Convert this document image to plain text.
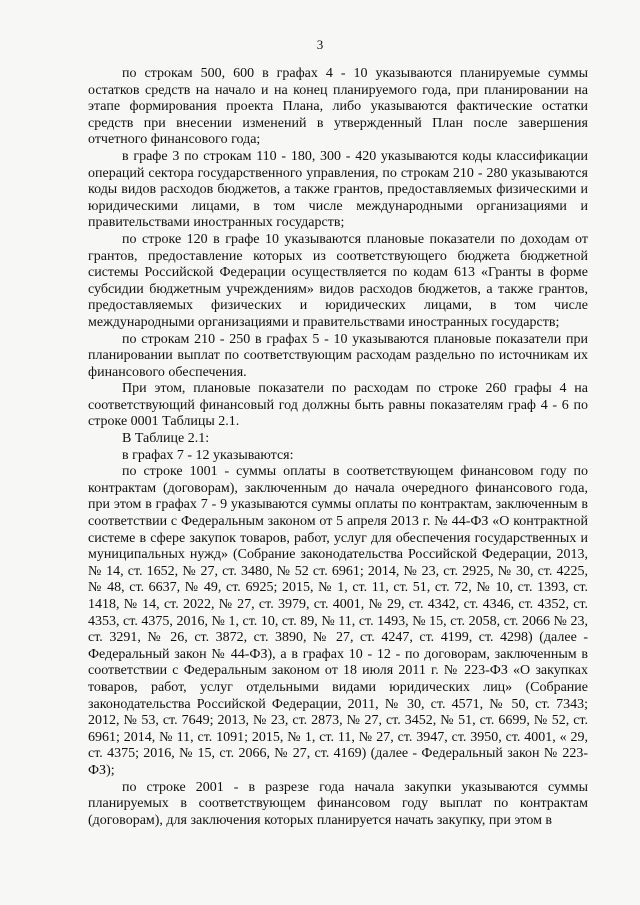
3

по строкам 500, 600 в графах 4 - 10 указываются планируемые суммы остатков средств на начало и на конец планируемого года, при планировании на этапе формирования проекта Плана, либо указываются фактические остатки средств при внесении изменений в утвержденный План после завершения отчетного финансового года;

в графе 3 по строкам 110 - 180, 300 - 420 указываются коды классификации операций сектора государственного управления, по строкам 210 - 280 указываются коды видов расходов бюджетов, а также грантов, предоставляемых физическими и юридическими лицами, в том числе международными организациями и правительствами иностранных государств;

по строке 120 в графе 10 указываются плановые показатели по доходам от грантов, предоставление которых из соответствующего бюджета бюджетной системы Российской Федерации осуществляется по кодам 613 «Гранты в форме субсидии бюджетным учреждениям» видов расходов бюджетов, а также грантов, предоставляемых физических и юридических лицами, в том числе международными организациями и правительствами иностранных государств;

по строкам 210 - 250 в графах 5 - 10 указываются плановые показатели при планировании выплат по соответствующим расходам раздельно по источникам их финансового обеспечения.

При этом, плановые показатели по расходам по строке 260 графы 4 на соответствующий финансовый год должны быть равны показателям граф 4 - 6 по строке 0001 Таблицы 2.1.

В Таблице 2.1:

в графах 7 - 12 указываются:

по строке 1001 - суммы оплаты в соответствующем финансовом году по контрактам (договорам), заключенным до начала очередного финансового года, при этом в графах 7 - 9 указываются суммы оплаты по контрактам, заключенным в соответствии с Федеральным законом от 5 апреля 2013 г. № 44-ФЗ «О контрактной системе в сфере закупок товаров, работ, услуг для обеспечения государственных и муниципальных нужд» (Собрание законодательства Российской Федерации, 2013, № 14, ст. 1652, № 27, ст. 3480, № 52 ст. 6961; 2014, № 23, ст. 2925, № 30, ст. 4225, № 48, ст. 6637, № 49, ст. 6925; 2015, № 1, ст. 11, ст. 51, ст. 72, № 10, ст. 1393, ст. 1418, № 14, ст. 2022, № 27, ст. 3979, ст. 4001, № 29, ст. 4342, ст. 4346, ст. 4352, ст. 4353, ст. 4375, 2016, № 1, ст. 10, ст. 89, № 11, ст. 1493, № 15, ст. 2058, ст. 2066 № 23, ст. 3291, № 26, ст. 3872, ст. 3890, № 27, ст. 4247, ст. 4199, ст. 4298) (далее - Федеральный закон № 44-ФЗ), а в графах 10 - 12 - по договорам, заключенным в соответствии с Федеральным законом от 18 июля 2011 г. № 223-ФЗ «О закупках товаров, работ, услуг отдельными видами юридических лиц» (Собрание законодательства Российской Федерации, 2011, № 30, ст. 4571, № 50, ст. 7343; 2012, № 53, ст. 7649; 2013, № 23, ст. 2873, № 27, ст. 3452, № 51, ст. 6699, № 52, ст. 6961; 2014, № 11, ст. 1091; 2015, № 1, ст. 11, № 27, ст. 3947, ст. 3950, ст. 4001, « 29, ст. 4375; 2016, № 15, ст. 2066, № 27, ст. 4169) (далее - Федеральный закон № 223-ФЗ);

по строке 2001 - в разрезе года начала закупки указываются суммы планируемых в соответствующем финансовом году выплат по контрактам (договорам), для заключения которых планируется начать закупку, при этом в
